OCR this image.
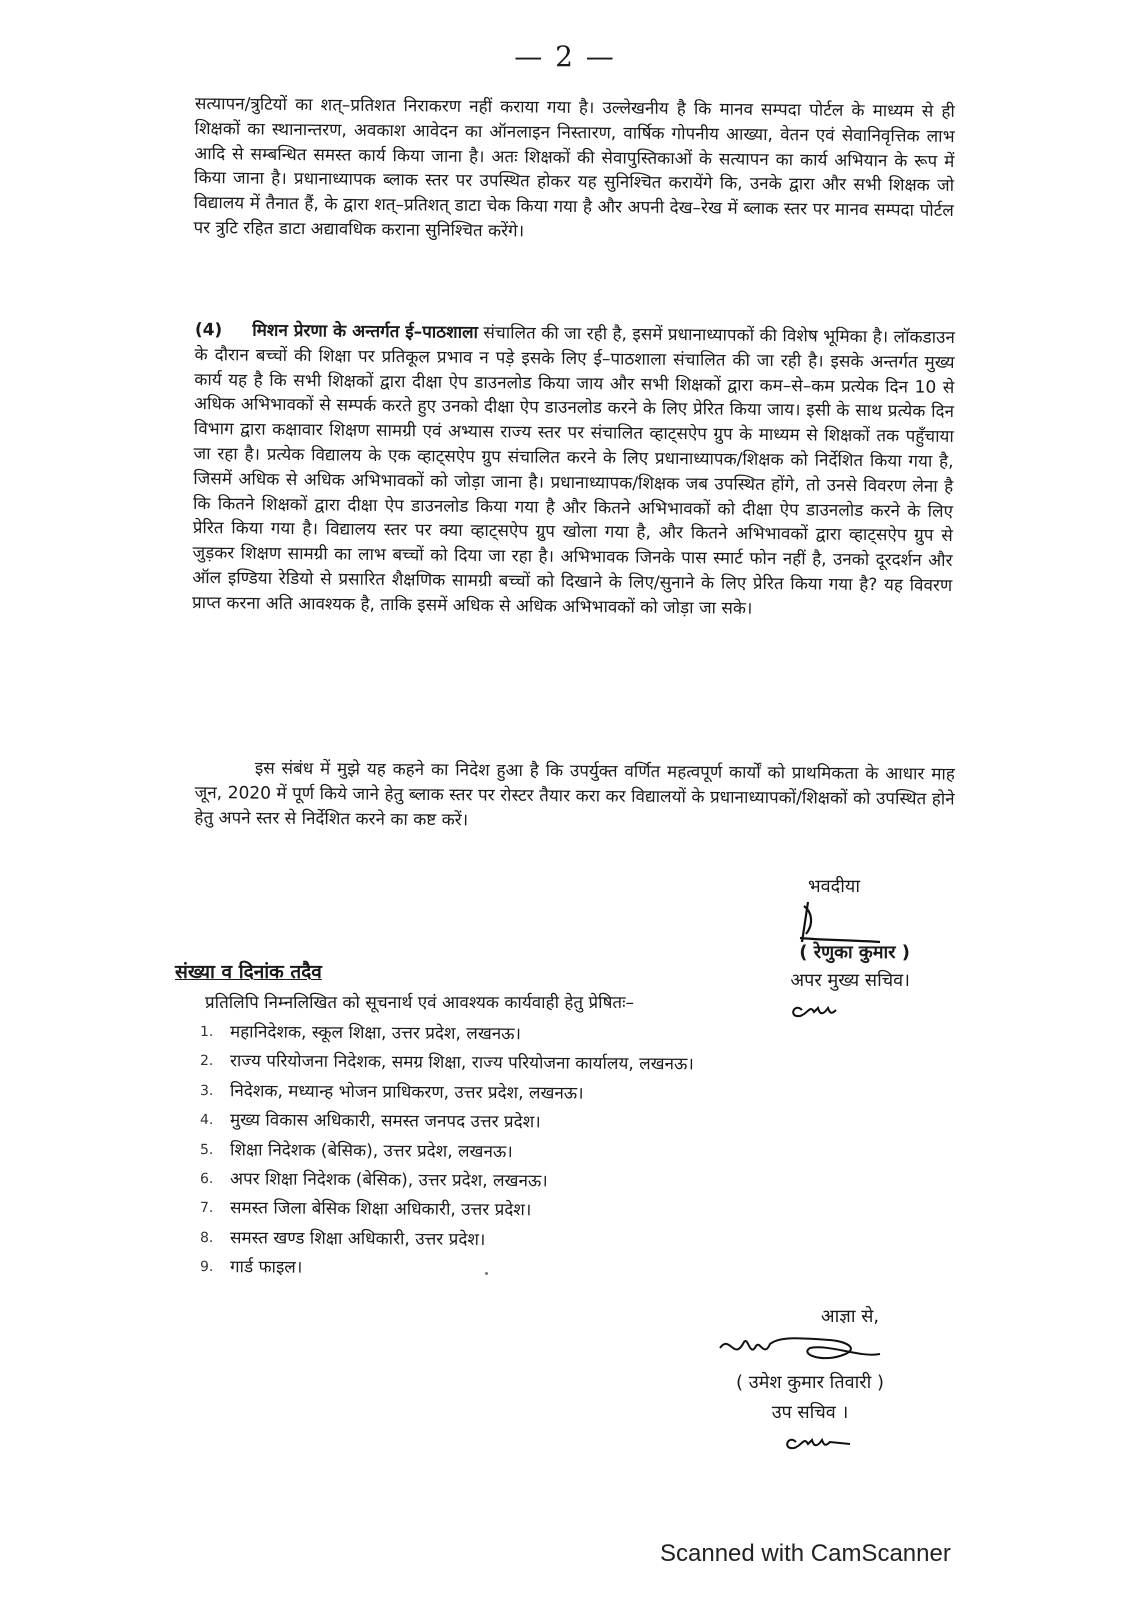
— 2 —
सत्यापन/त्रुटियों का शत्–प्रतिशत निराकरण नहीं कराया गया है। उल्लेखनीय है कि मानव सम्पदा पोर्टल के माध्यम से ही शिक्षकों का स्थानान्तरण, अवकाश आवेदन का ऑनलाइन निस्तारण, वार्षिक गोपनीय आख्या, वेतन एवं सेवानिवृत्तिक लाभ आदि से सम्बन्धित समस्त कार्य किया जाना है। अतः शिक्षकों की सेवापुस्तिकाओं के सत्यापन का कार्य अभियान के रूप में किया जाना है। प्रधानाध्यापक ब्लाक स्तर पर उपस्थित होकर यह सुनिश्चित करायेंगे कि, उनके द्वारा और सभी शिक्षक जो विद्यालय में तैनात हैं, के द्वारा शत्–प्रतिशत् डाटा चेक किया गया है और अपनी देख–रेख में ब्लाक स्तर पर मानव सम्पदा पोर्टल पर त्रुटि रहित डाटा अद्यावधिक कराना सुनिश्चित करेंगे।
(4) मिशन प्रेरणा के अन्तर्गत ई–पाठशाला संचालित की जा रही है, इसमें प्रधानाध्यापकों की विशेष भूमिका है। लॉकडाउन के दौरान बच्चों की शिक्षा पर प्रतिकूल प्रभाव न पड़े इसके लिए ई–पाठशाला संचालित की जा रही है। इसके अन्तर्गत मुख्य कार्य यह है कि सभी शिक्षकों द्वारा दीक्षा ऐप डाउनलोड किया जाय और सभी शिक्षकों द्वारा कम–से–कम प्रत्येक दिन 10 से अधिक अभिभावकों से सम्पर्क करते हुए उनको दीक्षा ऐप डाउनलोड करने के लिए प्रेरित किया जाय। इसी के साथ प्रत्येक दिन विभाग द्वारा कक्षावार शिक्षण सामग्री एवं अभ्यास राज्य स्तर पर संचालित व्हाट्सऐप ग्रुप के माध्यम से शिक्षकों तक पहुँचाया जा रहा है। प्रत्येक विद्यालय के एक व्हाट्सऐप ग्रुप संचालित करने के लिए प्रधानाध्यापक/शिक्षक को निर्देशित किया गया है, जिसमें अधिक से अधिक अभिभावकों को जोड़ा जाना है। प्रधानाध्यापक/शिक्षक जब उपस्थित होंगे, तो उनसे विवरण लेना है कि कितने शिक्षकों द्वारा दीक्षा ऐप डाउनलोड किया गया है और कितने अभिभावकों को दीक्षा ऐप डाउनलोड करने के लिए प्रेरित किया गया है। विद्यालय स्तर पर क्या व्हाट्सऐप ग्रुप खोला गया है, और कितने अभिभावकों द्वारा व्हाट्सऐप ग्रुप से जुड़कर शिक्षण सामग्री का लाभ बच्चों को दिया जा रहा है। अभिभावक जिनके पास स्मार्ट फोन नहीं है, उनको दूरदर्शन और ऑल इण्डिया रेडियो से प्रसारित शैक्षणिक सामग्री बच्चों को दिखाने के लिए/सुनाने के लिए प्रेरित किया गया है? यह विवरण प्राप्त करना अति आवश्यक है, ताकि इसमें अधिक से अधिक अभिभावकों को जोड़ा जा सके।
इस संबंध में मुझे यह कहने का निदेश हुआ है कि उपर्युक्त वर्णित महत्वपूर्ण कार्यों को प्राथमिकता के आधार माह जून, 2020 में पूर्ण किये जाने हेतु ब्लाक स्तर पर रोस्टर तैयार करा कर विद्यालयों के प्रधानाध्यापकों/शिक्षकों को उपस्थित होने हेतु अपने स्तर से निर्देशित करने का कष्ट करें।
भवदीया
( रेणुका कुमार )
अपर मुख्य सचिव।
संख्या व दिनांक तदैव
प्रतिलिपि निम्नलिखित को सूचनार्थ एवं आवश्यक कार्यवाही हेतु प्रेषितः–
1. महानिदेशक, स्कूल शिक्षा, उत्तर प्रदेश, लखनऊ।
2. राज्य परियोजना निदेशक, समग्र शिक्षा, राज्य परियोजना कार्यालय, लखनऊ।
3. निदेशक, मध्यान्ह भोजन प्राधिकरण, उत्तर प्रदेश, लखनऊ।
4. मुख्य विकास अधिकारी, समस्त जनपद उत्तर प्रदेश।
5. शिक्षा निदेशक (बेसिक), उत्तर प्रदेश, लखनऊ।
6. अपर शिक्षा निदेशक (बेसिक), उत्तर प्रदेश, लखनऊ।
7. समस्त जिला बेसिक शिक्षा अधिकारी, उत्तर प्रदेश।
8. समस्त खण्ड शिक्षा अधिकारी, उत्तर प्रदेश।
9. गार्ड फाइल।
आज्ञा से,
( उमेश कुमार तिवारी )
उप सचिव ।
Scanned with CamScanner
